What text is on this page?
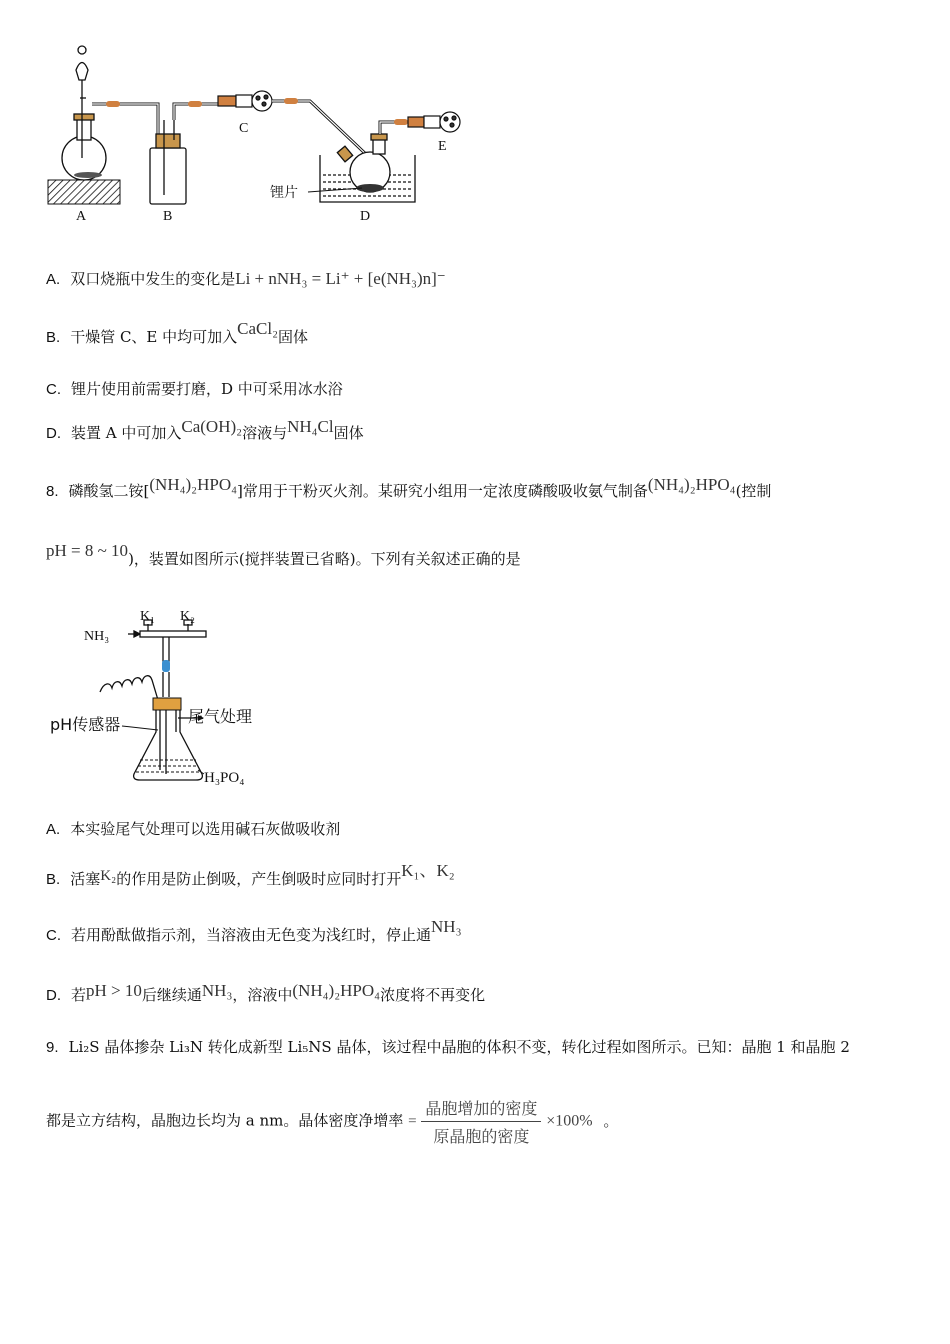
C
E
锂片
A	B	D
A. 双口烧瓶中发生的变化是Li + nNH₃ = Li⁺ + [e(NH₃)n]⁻
B. 干燥管 C、E 中均可加入CaCl₂固体
C. 锂片使用前需要打磨，D 中可采用冰水浴
D. 装置 A 中可加入Ca(OH)₂溶液与NH₄Cl固体
8. 磷酸氢二铵[(NH₄)₂HPO₄]常用于干粉灭火剂。某研究小组用一定浓度磷酸吸收氨气制备(NH₄)₂HPO₄(控制
pH = 8 ~ 10)，装置如图所示(搅拌装置已省略)。下列有关叙述正确的是
NH₃
K₁ K₂
尾气处理
pH传感器
H₃PO₄
A. 本实验尾气处理可以选用碱石灰做吸收剂
B. 活塞K₂的作用是防止倒吸，产生倒吸时应同时打开K₁、K₂
C. 若用酚酞做指示剂，当溶液由无色变为浅红时，停止通NH₃
D. 若pH > 10后继续通NH₃，溶液中(NH₄)₂HPO₄浓度将不再变化
9. Li₂S 晶体掺杂 Li₃N 转化成新型 Li₅NS 晶体，该过程中晶胞的体积不变，转化过程如图所示。已知：晶胞 1 和晶胞 2
都是立方结构，晶胞边长均为 a nm。晶体密度净增率 = $\frac{\text{晶胞增加的密度}}{\text{原晶胞的密度}} \times 100\%$ 。
